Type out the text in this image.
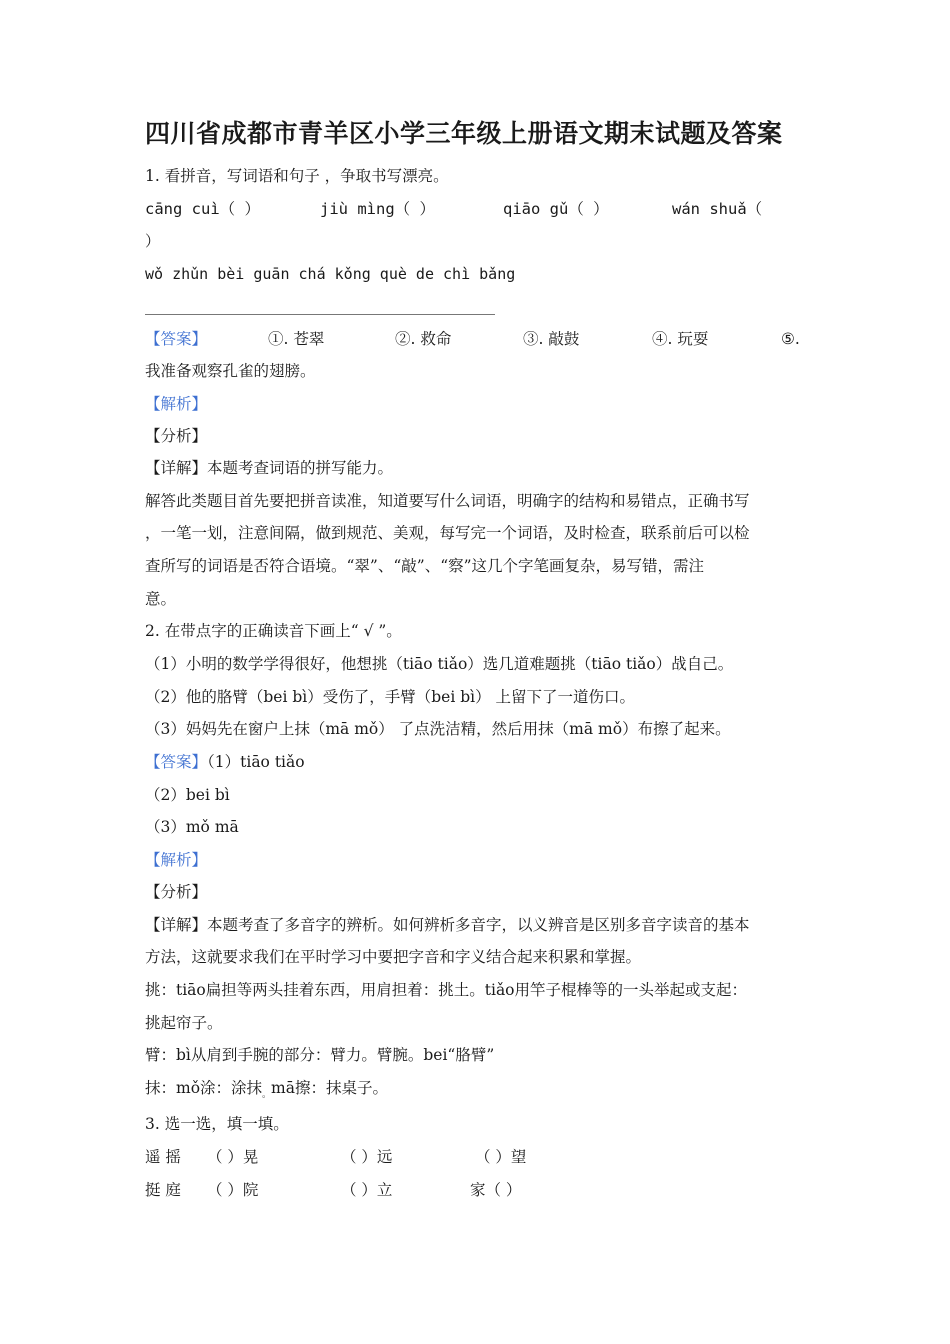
四川省成都市青羊区小学三年级上册语文期末试题及答案
1. 看拼音，写词语和句子 ，争取书写漂亮。
cāng cuì（ ）	jiù mìng（ ）	qiāo gǔ（ ）	wán shuǎ（
）
wǒ zhǔn bèi guān chá kǒng què de chì bǎng
【答案】	①. 苍翠	②. 救命	③. 敲鼓	④. 玩耍	⑤.
我准备观察孔雀的翅膀。
【解析】
【分析】
【详解】本题考查词语的拼写能力。
解答此类题目首先要把拼音读准，知道要写什么词语，明确字的结构和易错点，正确书写
，一笔一划，注意间隔，做到规范、美观，每写完一个词语，及时检查，联系前后可以检
查所写的词语是否符合语境。“翠”、“敲”、“察”这几个字笔画复杂，易写错，需注
意。
2. 在带点字的正确读音下画上“ √ ”。
（1）小明的数学学得很好，他想挑（tiāo tiǎo）选几道难题挑（tiāo tiǎo）战自己。
（2）他的胳臂（bei bì）受伤了，手臂（bei bì） 上留下了一道伤口。
（3）妈妈先在窗户上抹（mā mǒ） 了点洗洁精，然后用抹（mā mǒ）布擦了起来。
【答案】（1）tiāo tiǎo
（2）bei bì
（3）mǒ mā
【解析】
【分析】
【详解】本题考查了多音字的辨析。如何辨析多音字，以义辨音是区别多音字读音的基本
方法，这就要求我们在平时学习中要把字音和字义结合起来积累和掌握。
挑：tiāo扁担等两头挂着东西，用肩担着：挑土。tiǎo用竿子棍棒等的一头举起或支起：
挑起帘子。
臂：bì从肩到手腕的部分：臂力。臂腕。bei“胳臂”
抹：mǒ涂：涂抹$_。$mā擦：抹桌子。
3. 选一选，填一填。
遥 摇 （ ）晃	（ ）远	（ ）望
挺 庭 （ ）院	（ ）立	家（ ）
